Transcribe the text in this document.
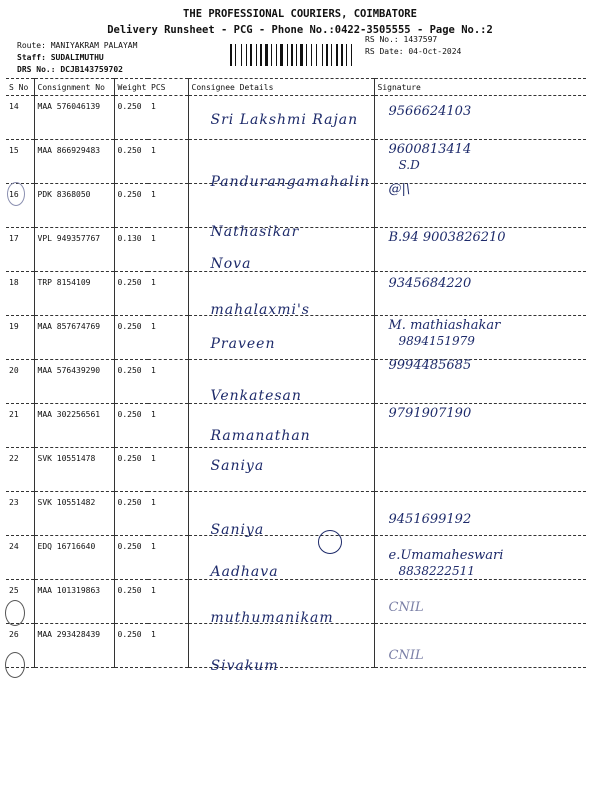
THE PROFESSIONAL COURIERS, COIMBATORE
Delivery Runsheet - PCG - Phone No.:0422-3505555 - Page No.:2
Route: MANIYAKRAM PALAYAM
Staff: SUDALIMUTHU
DRS No.: DCJB143759702
RS No.: 1437597
RS Date: 04-Oct-2024
S No	Consignment No	Weight	PCS	Consignee Details	Signature
14	MAA 576046139	0.250	1	Sri Lakshmi Rajan	9566624103

15	MAA 866929483	0.250	1	Pandurangamahalin	9600813414
S.D

16	PDK 8368050	0.250	1	Nathasikar	@|\

17	VPL 949357767	0.130	1	Nova	B.94 9003826210

18	TRP 8154109	0.250	1	mahalaxmi's	9345684220

19	MAA 857674769	0.250	1	Praveen	M. mathiashakar
9894151979

20	MAA 576439290	0.250	1	Venkatesan	9994485685

21	MAA 302256561	0.250	1	Ramanathan	9791907190

22	SVK 10551478	0.250	1	Saniya	

23	SVK 10551482	0.250	1	Saniya	9451699192

24	EDQ 16716640	0.250	1	Aadhava	e.Umamaheswari
8838222511

25	MAA 101319863	0.250	1	muthumanikam	CNIL

26	MAA 293428439	0.250	1	Sivakum	CNIL
